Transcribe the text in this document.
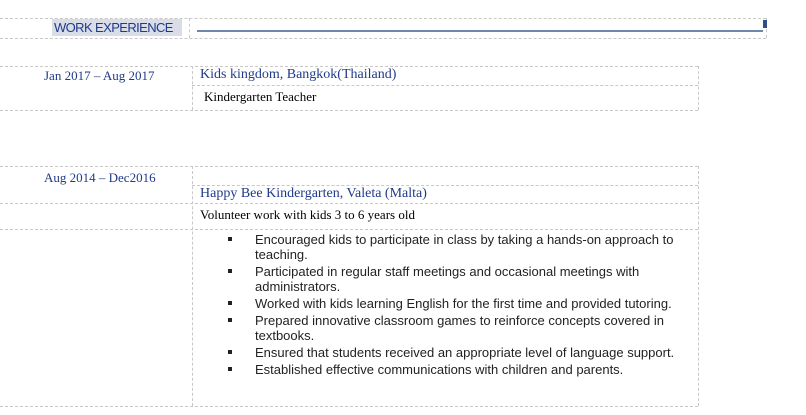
WORK EXPERIENCE
Jan 2017 – Aug 2017	Kids kingdom, Bangkok(Thailand)
Kindergarten Teacher
Aug 2014 – Dec2016
Happy Bee Kindergarten, Valeta (Malta)
Volunteer work with kids 3 to 6 years old
Encouraged kids to participate in class by taking a hands-on approach to teaching.
Participated in regular staff meetings and occasional meetings with administrators.
Worked with kids learning English for the first time and provided tutoring.
Prepared innovative classroom games to reinforce concepts covered in textbooks.
Ensured that students received an appropriate level of language support.
Established effective communications with children and parents.
